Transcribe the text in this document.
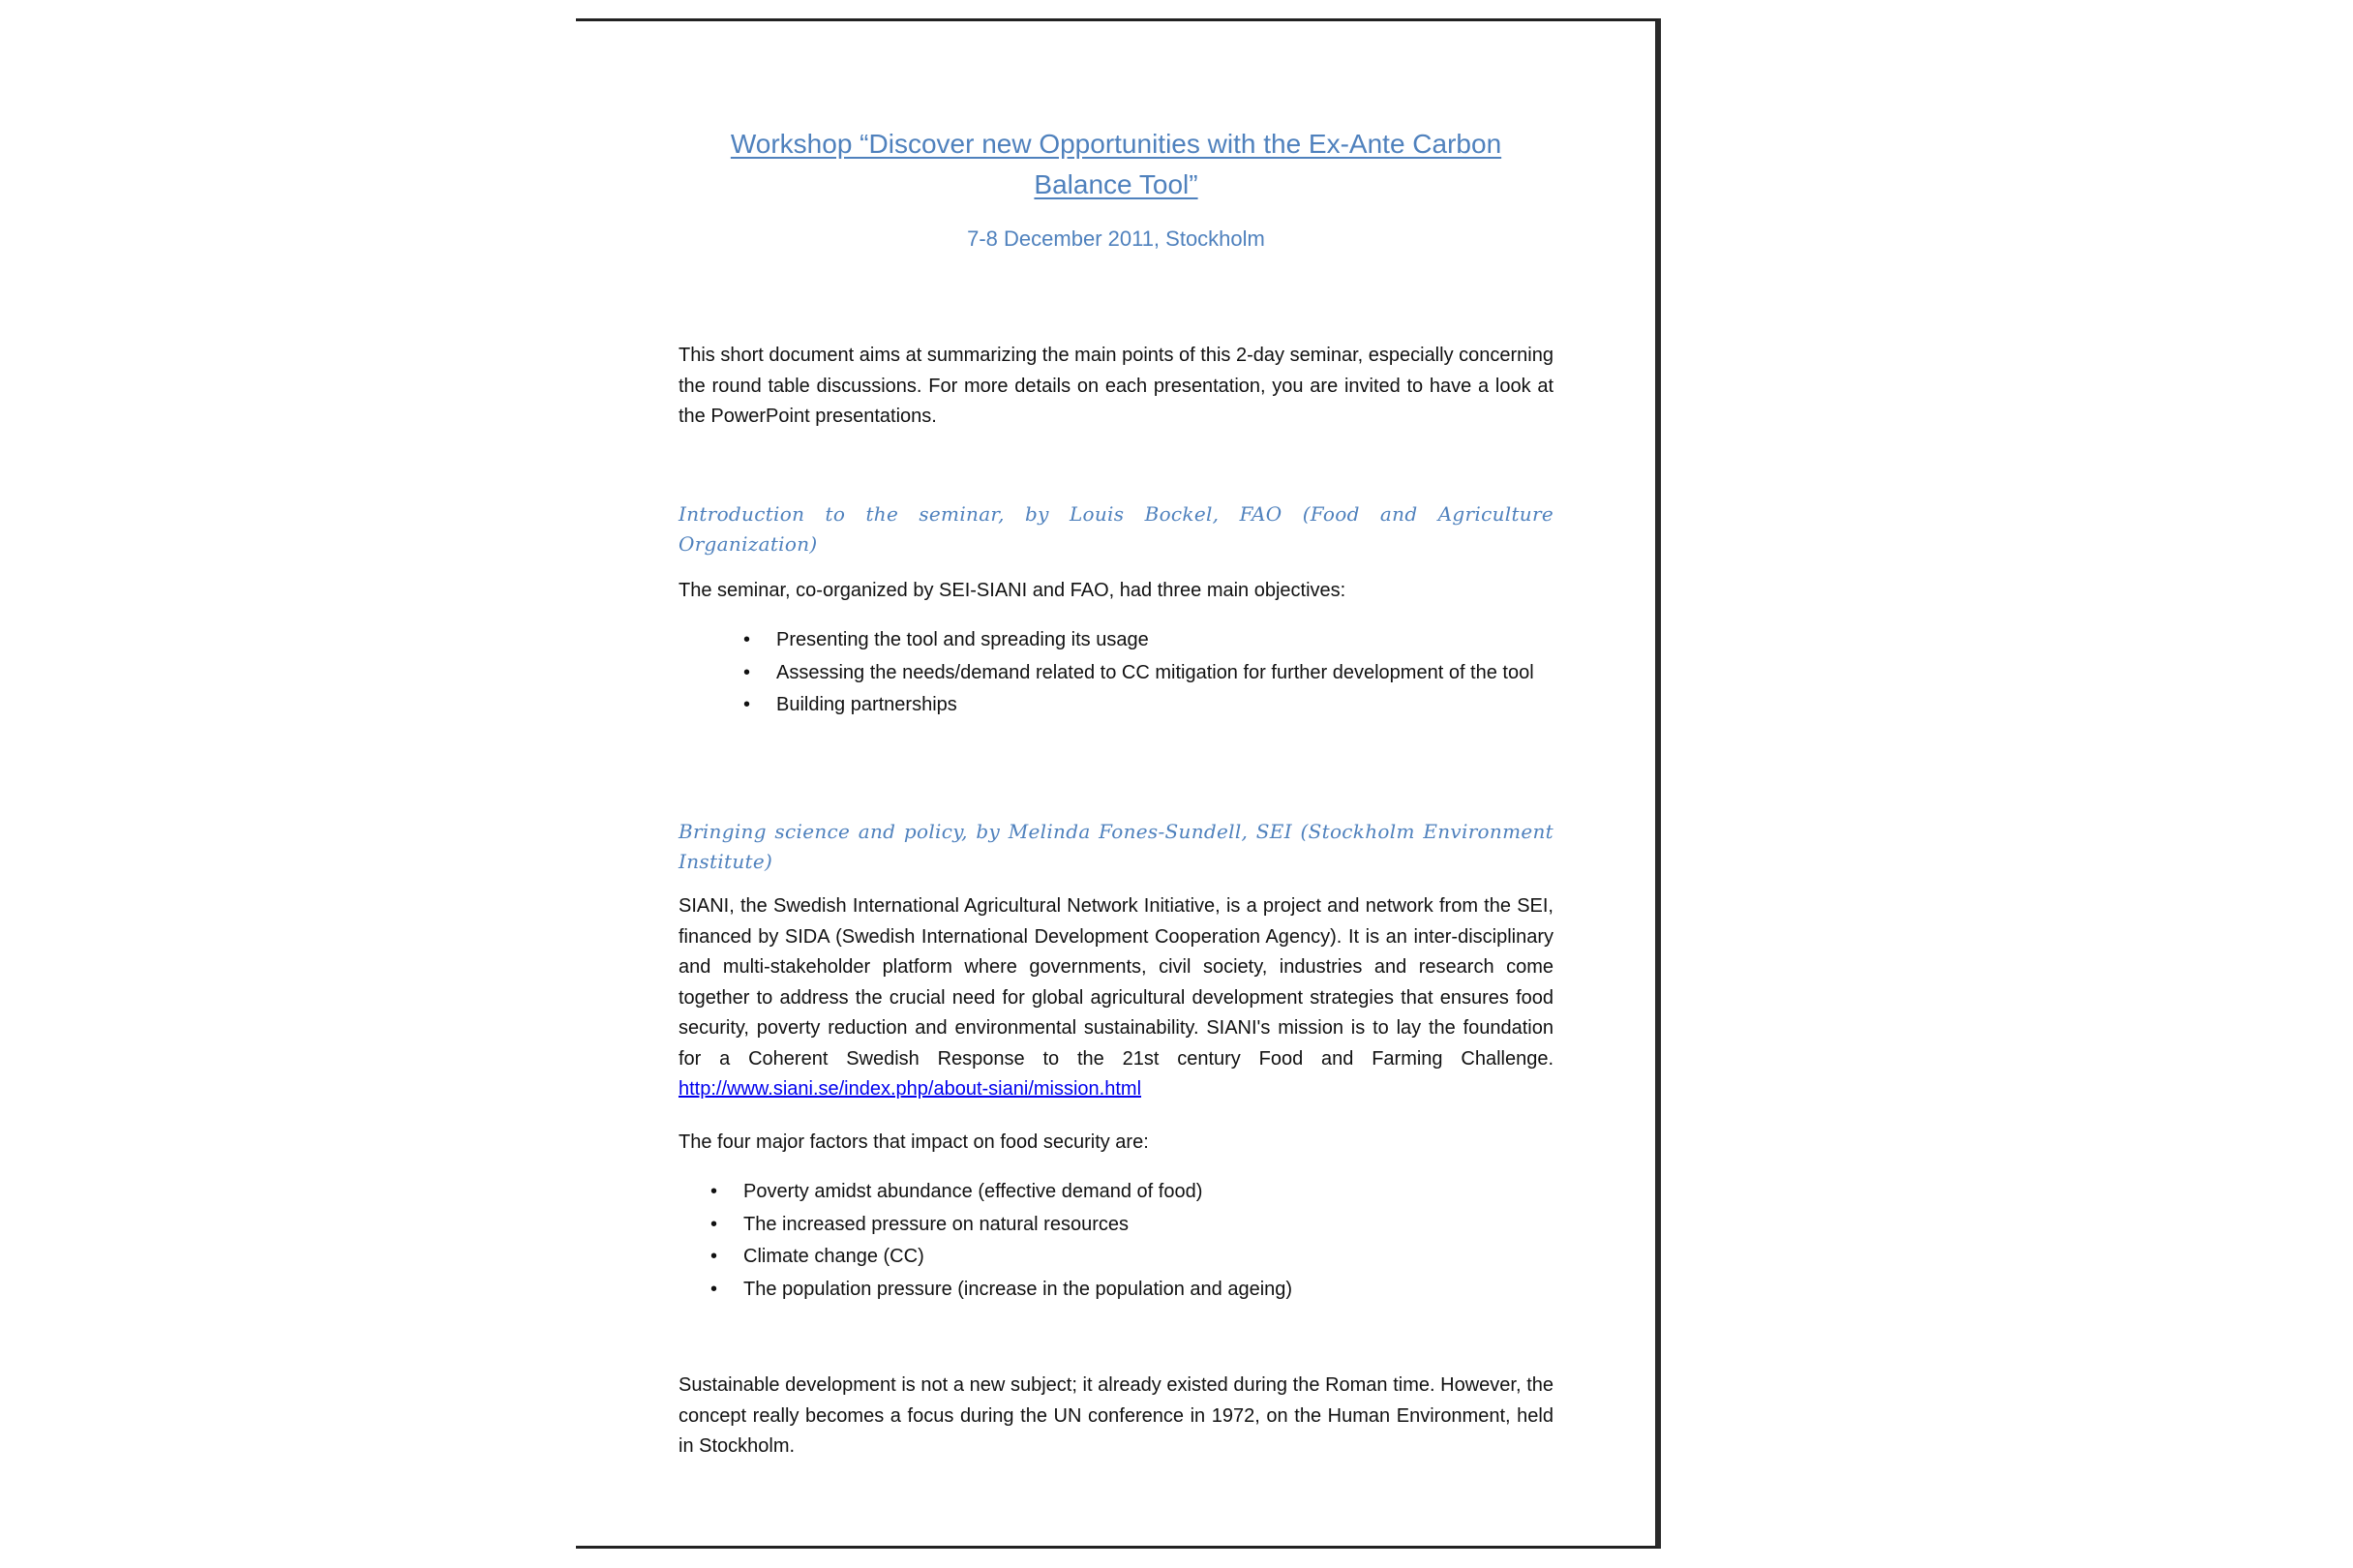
Workshop “Discover new Opportunities with the Ex-Ante Carbon Balance Tool”

7-8 December 2011, Stockholm

This short document aims at summarizing the main points of this 2-day seminar, especially concerning the round table discussions. For more details on each presentation, you are invited to have a look at the PowerPoint presentations.

Introduction to the seminar, by Louis Bockel, FAO (Food and Agriculture Organization)

The seminar, co-organized by SEI-SIANI and FAO, had three main objectives:

• Presenting the tool and spreading its usage
• Assessing the needs/demand related to CC mitigation for further development of the tool
• Building partnerships
Bringing science and policy, by Melinda Fones-Sundell, SEI (Stockholm Environment Institute)

SIANI, the Swedish International Agricultural Network Initiative, is a project and network from the SEI, financed by SIDA (Swedish International Development Cooperation Agency). It is an inter-disciplinary and multi-stakeholder platform where governments, civil society, industries and research come together to address the crucial need for global agricultural development strategies that ensures food security, poverty reduction and environmental sustainability. SIANI's mission is to lay the foundation for a Coherent Swedish Response to the 21st century Food and Farming Challenge. http://www.siani.se/index.php/about-siani/mission.html

The four major factors that impact on food security are:

• Poverty amidst abundance (effective demand of food)
• The increased pressure on natural resources
• Climate change (CC)
• The population pressure (increase in the population and ageing)

Sustainable development is not a new subject; it already existed during the Roman time. However, the concept really becomes a focus during the UN conference in 1972, on the Human Environment, held in Stockholm.
